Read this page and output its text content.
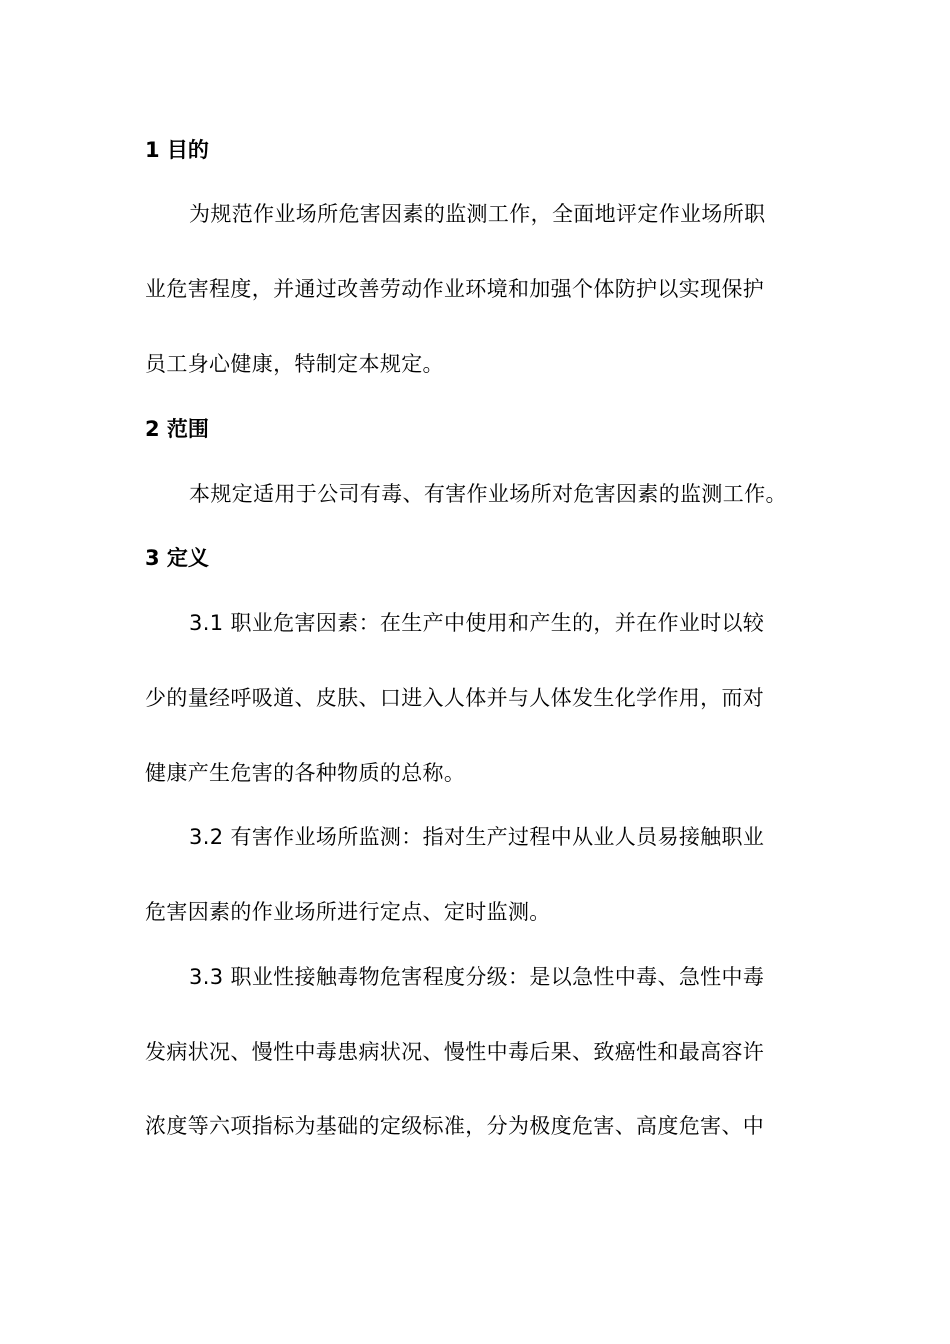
1 目的
为规范作业场所危害因素的监测工作，全面地评定作业场所职
业危害程度，并通过改善劳动作业环境和加强个体防护以实现保护
员工身心健康，特制定本规定。
2 范围
本规定适用于公司有毒、有害作业场所对危害因素的监测工作。
3 定义
3.1 职业危害因素：在生产中使用和产生的，并在作业时以较
少的量经呼吸道、皮肤、口进入人体并与人体发生化学作用，而对
健康产生危害的各种物质的总称。
3.2 有害作业场所监测：指对生产过程中从业人员易接触职业
危害因素的作业场所进行定点、定时监测。
3.3 职业性接触毒物危害程度分级：是以急性中毒、急性中毒
发病状况、慢性中毒患病状况、慢性中毒后果、致癌性和最高容许
浓度等六项指标为基础的定级标准，分为极度危害、高度危害、中
